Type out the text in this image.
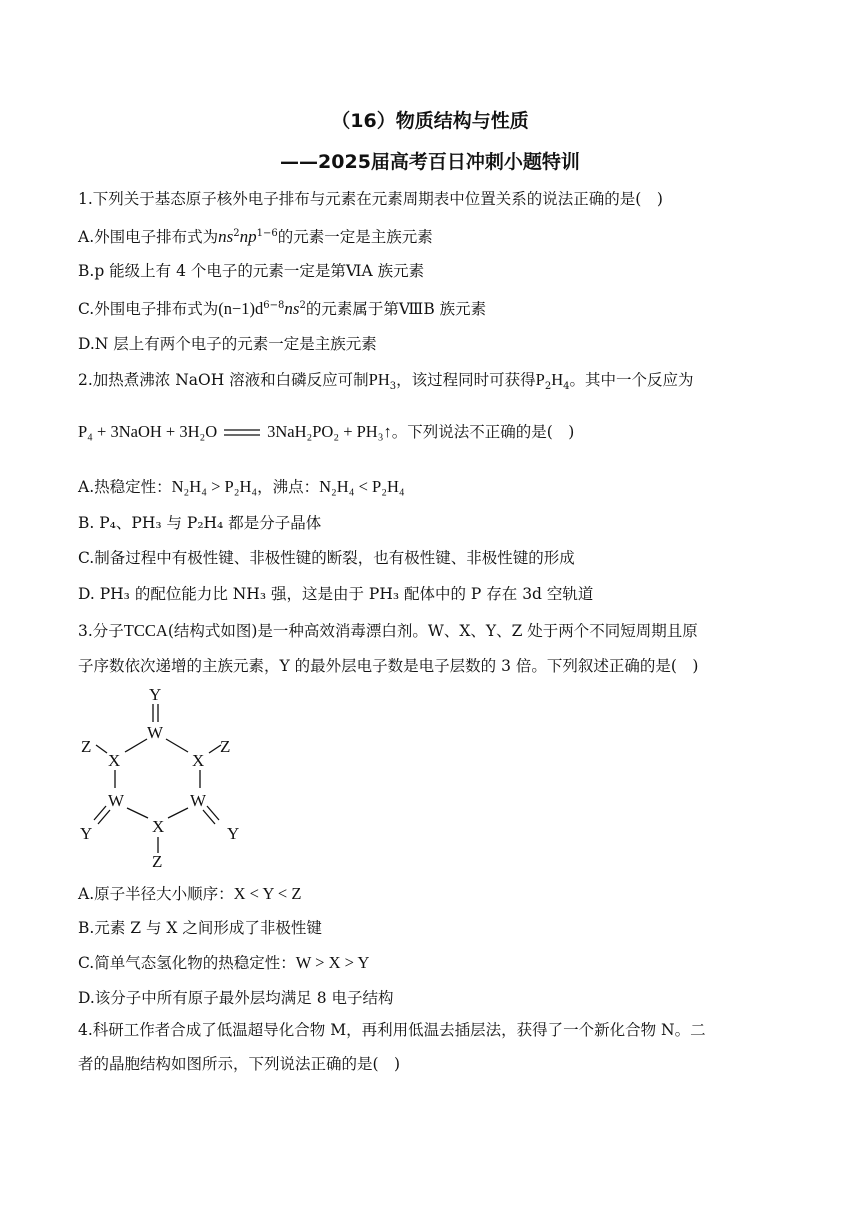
（16）物质结构与性质
——2025届高考百日冲刺小题特训
1.下列关于基态原子核外电子排布与元素在元素周期表中位置关系的说法正确的是(　)
A.外围电子排布式为$ns^2np^{1-6}$的元素一定是主族元素
B.p 能级上有 4 个电子的元素一定是第ⅥA 族元素
C.外围电子排布式为$(n-1)d^{6-8}ns^2$的元素属于第ⅧB 族元素
D.N 层上有两个电子的元素一定是主族元素
2.加热煮沸浓 NaOH 溶液和白磷反应可制$PH_3$，该过程同时可获得$P_2H_4$。其中一个反应为
P₄ + 3NaOH + 3H₂O	3NaH₂PO₂ + PH₃↑。下列说法不正确的是(　)
A.热稳定性：N₂H₄ > P₂H₄，沸点：N₂H₄ < P₂H₄
B. P₄、PH₃ 与 P₂H₄ 都是分子晶体
C.制备过程中有极性键、非极性键的断裂，也有极性键、非极性键的形成
D. PH₃ 的配位能力比 NH₃ 强，这是由于 PH₃ 配体中的 P 存在 3d 空轨道
3.分子TCCA(结构式如图)是一种高效消毒漂白剂。W、X、Y、Z 处于两个不同短周期且原
子序数依次递增的主族元素，Y 的最外层电子数是电子层数的 3 倍。下列叙述正确的是(　)
Y
W
Z
X	X
Z
W	W
Y	Y
X
Z
A.原子半径大小顺序：X < Y < Z
B.元素 Z 与 X 之间形成了非极性键
C.简单气态氢化物的热稳定性：W > X > Y
D.该分子中所有原子最外层均满足 8 电子结构
4.科研工作者合成了低温超导化合物 M，再利用低温去插层法，获得了一个新化合物 N。二
者的晶胞结构如图所示，下列说法正确的是(　)
